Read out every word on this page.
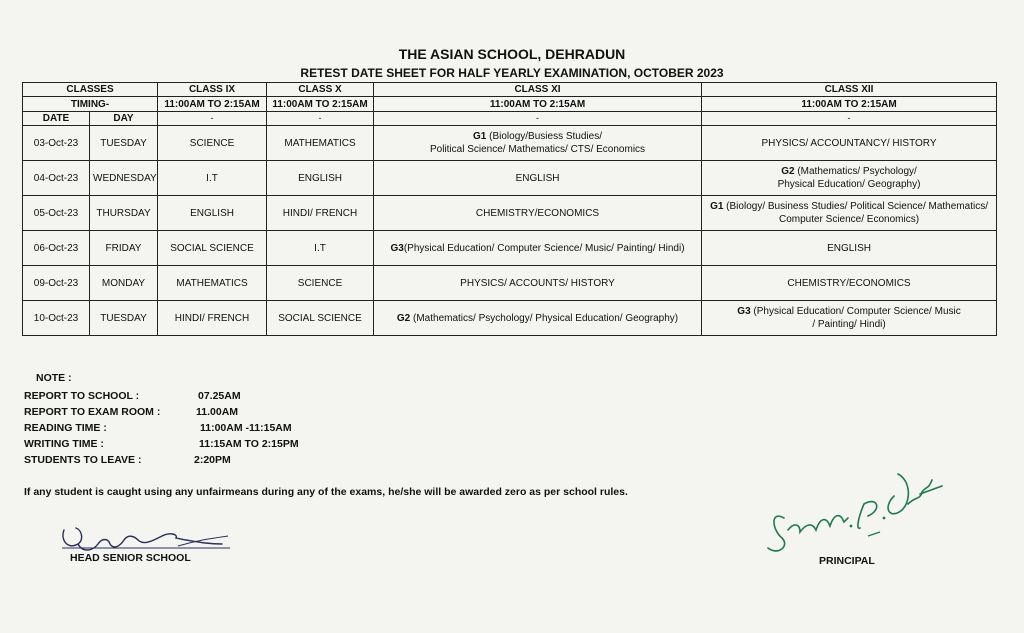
THE ASIAN SCHOOL, DEHRADUN
RETEST DATE SHEET FOR HALF YEARLY EXAMINATION, OCTOBER 2023
CLASSES		CLASS IX	CLASS X	CLASS XI	CLASS XII
TIMING-		11:00AM TO 2:15AM	11:00AM TO 2:15AM	11:00AM TO 2:15AM	11:00AM TO 2:15AM
DATE	DAY	-	-	-	-
03-Oct-23	TUESDAY	SCIENCE	MATHEMATICS	G1 (Biology/Busiess Studies/
Political Science/ Mathematics/ CTS/ Economics	PHYSICS/ ACCOUNTANCY/ HISTORY
04-Oct-23	WEDNESDAY	I.T	ENGLISH	ENGLISH	G2 (Mathematics/ Psychology/
Physical Education/ Geography)
05-Oct-23	THURSDAY	ENGLISH	HINDI/ FRENCH	CHEMISTRY/ECONOMICS	G1 (Biology/ Business Studies/ Political Science/ Mathematics/
Computer Science/ Economics)
06-Oct-23	FRIDAY	SOCIAL SCIENCE	I.T	G3(Physical Education/ Computer Science/ Music/ Painting/ Hindi)	ENGLISH
09-Oct-23	MONDAY	MATHEMATICS	SCIENCE	PHYSICS/ ACCOUNTS/ HISTORY	CHEMISTRY/ECONOMICS
10-Oct-23	TUESDAY	HINDI/ FRENCH	SOCIAL SCIENCE	G2 (Mathematics/ Psychology/ Physical Education/ Geography)	G3 (Physical Education/ Computer Science/ Music
/ Painting/ Hindi)
NOTE :
REPORT TO SCHOOL :	07.25AM
REPORT TO EXAM ROOM :	11.00AM
READING TIME :	11:00AM -11:15AM
WRITING TIME :	11:15AM TO 2:15PM
STUDENTS TO LEAVE :	2:20PM
If any student is caught using any unfairmeans during any of the exams, he/she will be awarded zero as per school rules.
HEAD SENIOR SCHOOL	PRINCIPAL
